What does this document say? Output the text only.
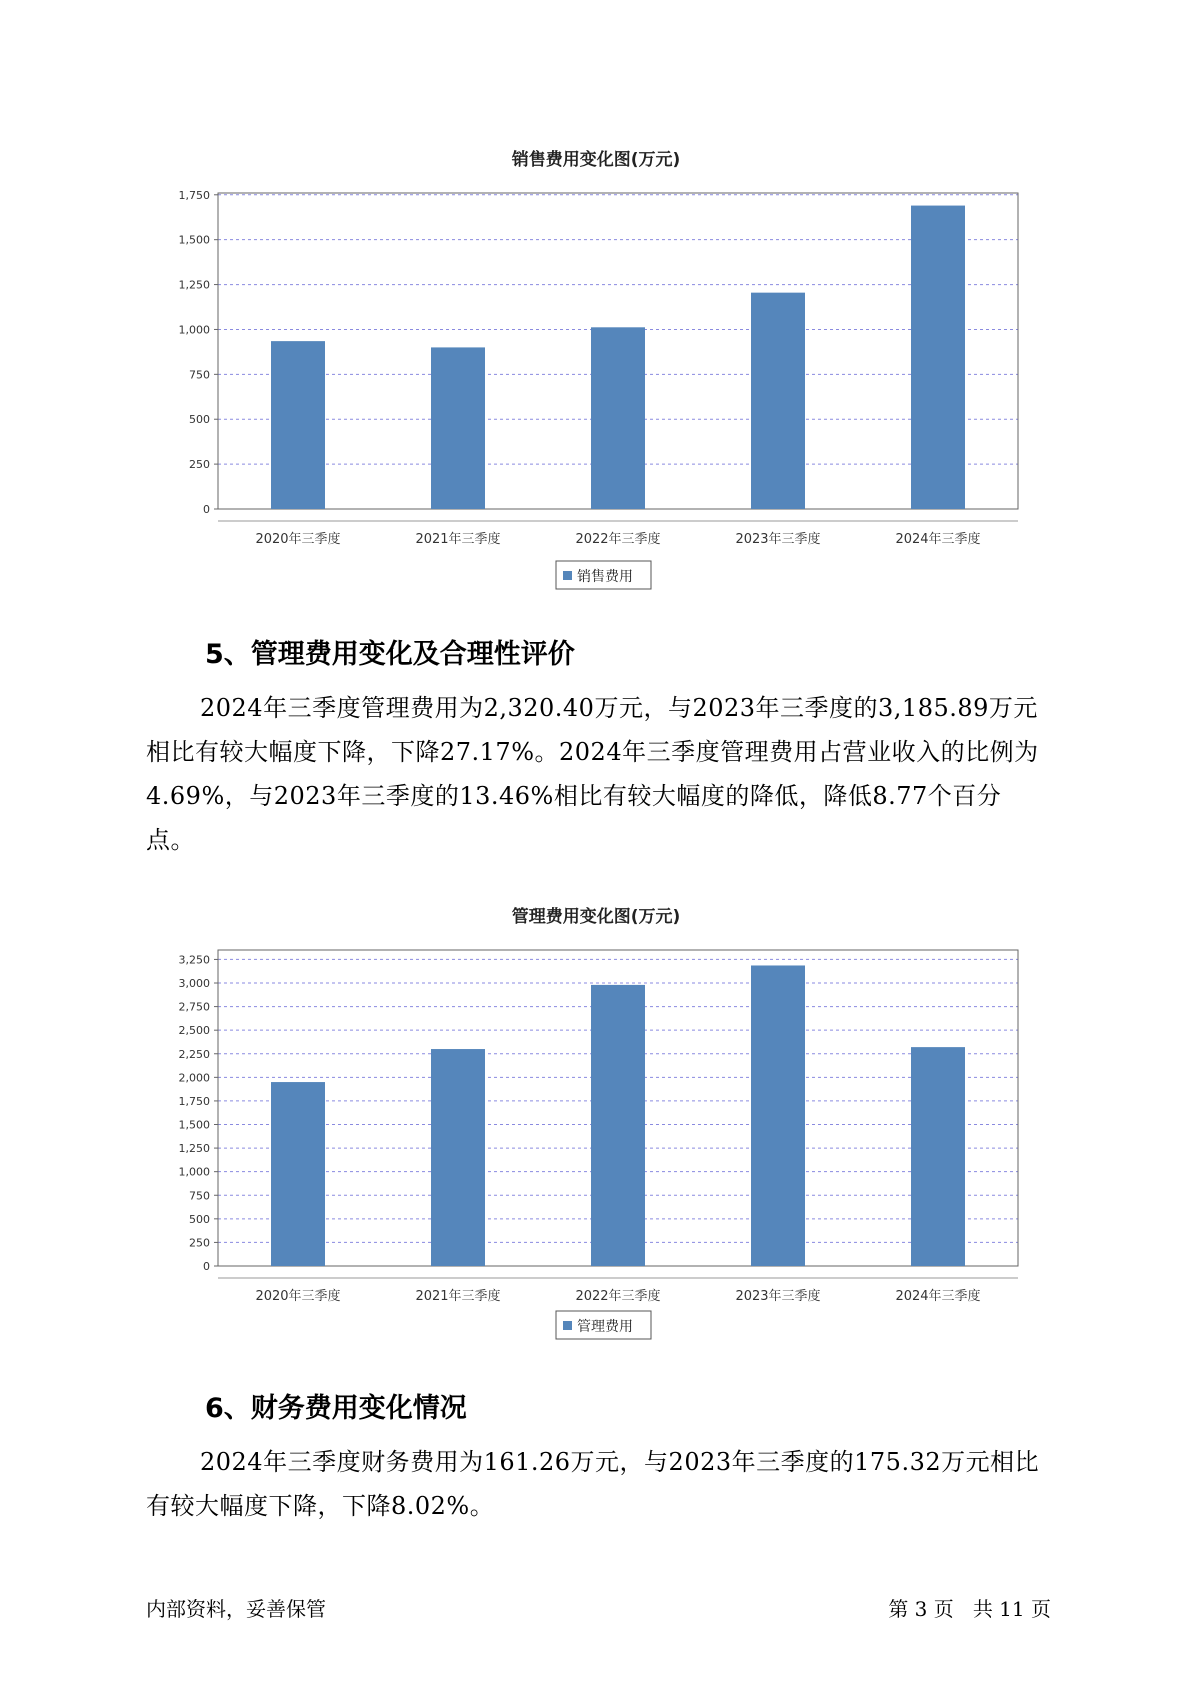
销售费用变化图(万元)
0
250
500
750
1,000
1,250
1,500
1,750
2020年三季度	2021年三季度	2022年三季度	2023年三季度	2024年三季度
销售费用
5、管理费用变化及合理性评价

2024年三季度管理费用为2,320.40万元，与2023年三季度的3,185.89万元相比有较大幅度下降，下降27.17%。2024年三季度管理费用占营业收入的比例为4.69%，与2023年三季度的13.46%相比有较大幅度的降低，降低8.77个百分点。

管理费用变化图(万元)
0
250
500
750
1,000
1,250
1,500
1,750
2,000
2,250
2,500
2,750
3,000
3,250
2020年三季度	2021年三季度	2022年三季度	2023年三季度	2024年三季度
管理费用
6、财务费用变化情况

2024年三季度财务费用为161.26万元，与2023年三季度的175.32万元相比有较大幅度下降，下降8.02%。

内部资料，妥善保管	第 3 页   共 11 页
